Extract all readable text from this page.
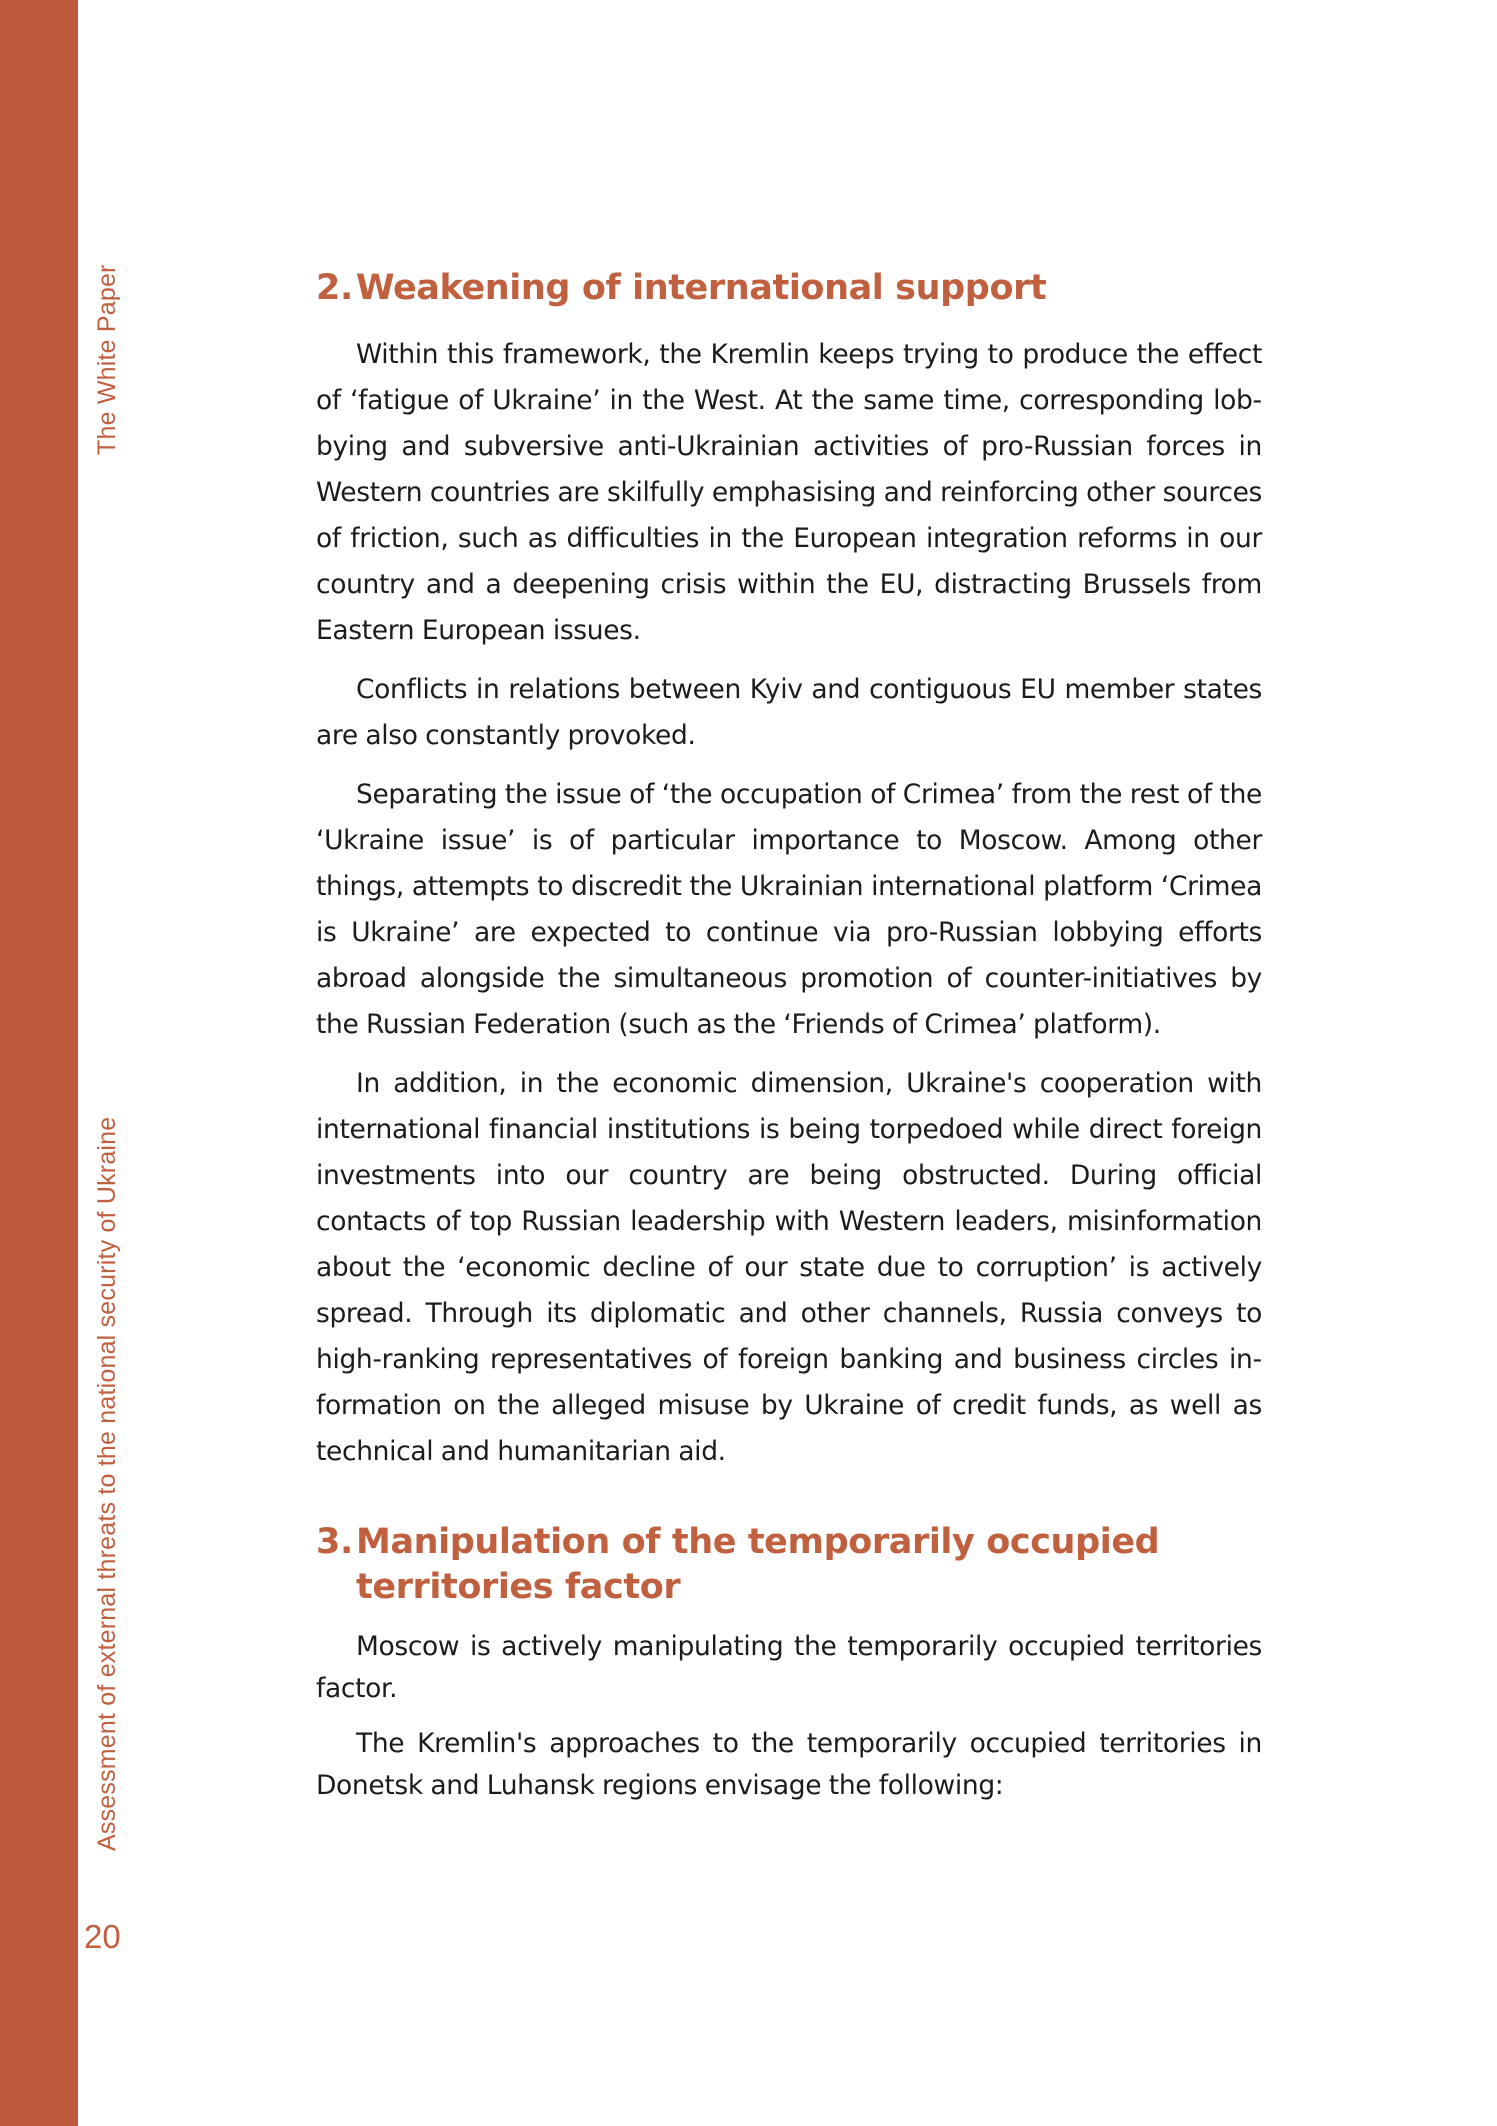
The White Paper
Assessment of external threats to the national security of Ukraine
20
2. Weakening of international support

Within this framework, the Kremlin keeps trying to produce the effect of ‘fatigue of Ukraine’ in the West. At the same time, corresponding lobbying and subversive anti-Ukrainian activities of pro-Russian forces in Western countries are skilfully emphasising and reinforcing other sources of friction, such as difficulties in the European integration reforms in our country and a deepening crisis within the EU, distracting Brussels from Eastern European issues.

Conflicts in relations between Kyiv and contiguous EU member states are also constantly provoked.

Separating the issue of ‘the occupation of Crimea’ from the rest of the ‘Ukraine issue’ is of particular importance to Moscow. Among other things, attempts to discredit the Ukrainian international platform ‘Crimea is Ukraine’ are expected to continue via pro-Russian lobbying efforts abroad alongside the simultaneous promotion of counter-initiatives by the Russian Federation (such as the ‘Friends of Crimea’ platform).

In addition, in the economic dimension, Ukraine's cooperation with international financial institutions is being torpedoed while direct foreign investments into our country are being obstructed. During official contacts of top Russian leadership with Western leaders, misinformation about the ‘economic decline of our state due to corruption’ is actively spread. Through its diplomatic and other channels, Russia conveys to high-ranking representatives of foreign banking and business circles information on the alleged misuse by Ukraine of credit funds, as well as technical and humanitarian aid.

3. Manipulation of the temporarily occupied territories factor

Moscow is actively manipulating the temporarily occupied territories factor.

The Kremlin's approaches to the temporarily occupied territories in Donetsk and Luhansk regions envisage the following:
